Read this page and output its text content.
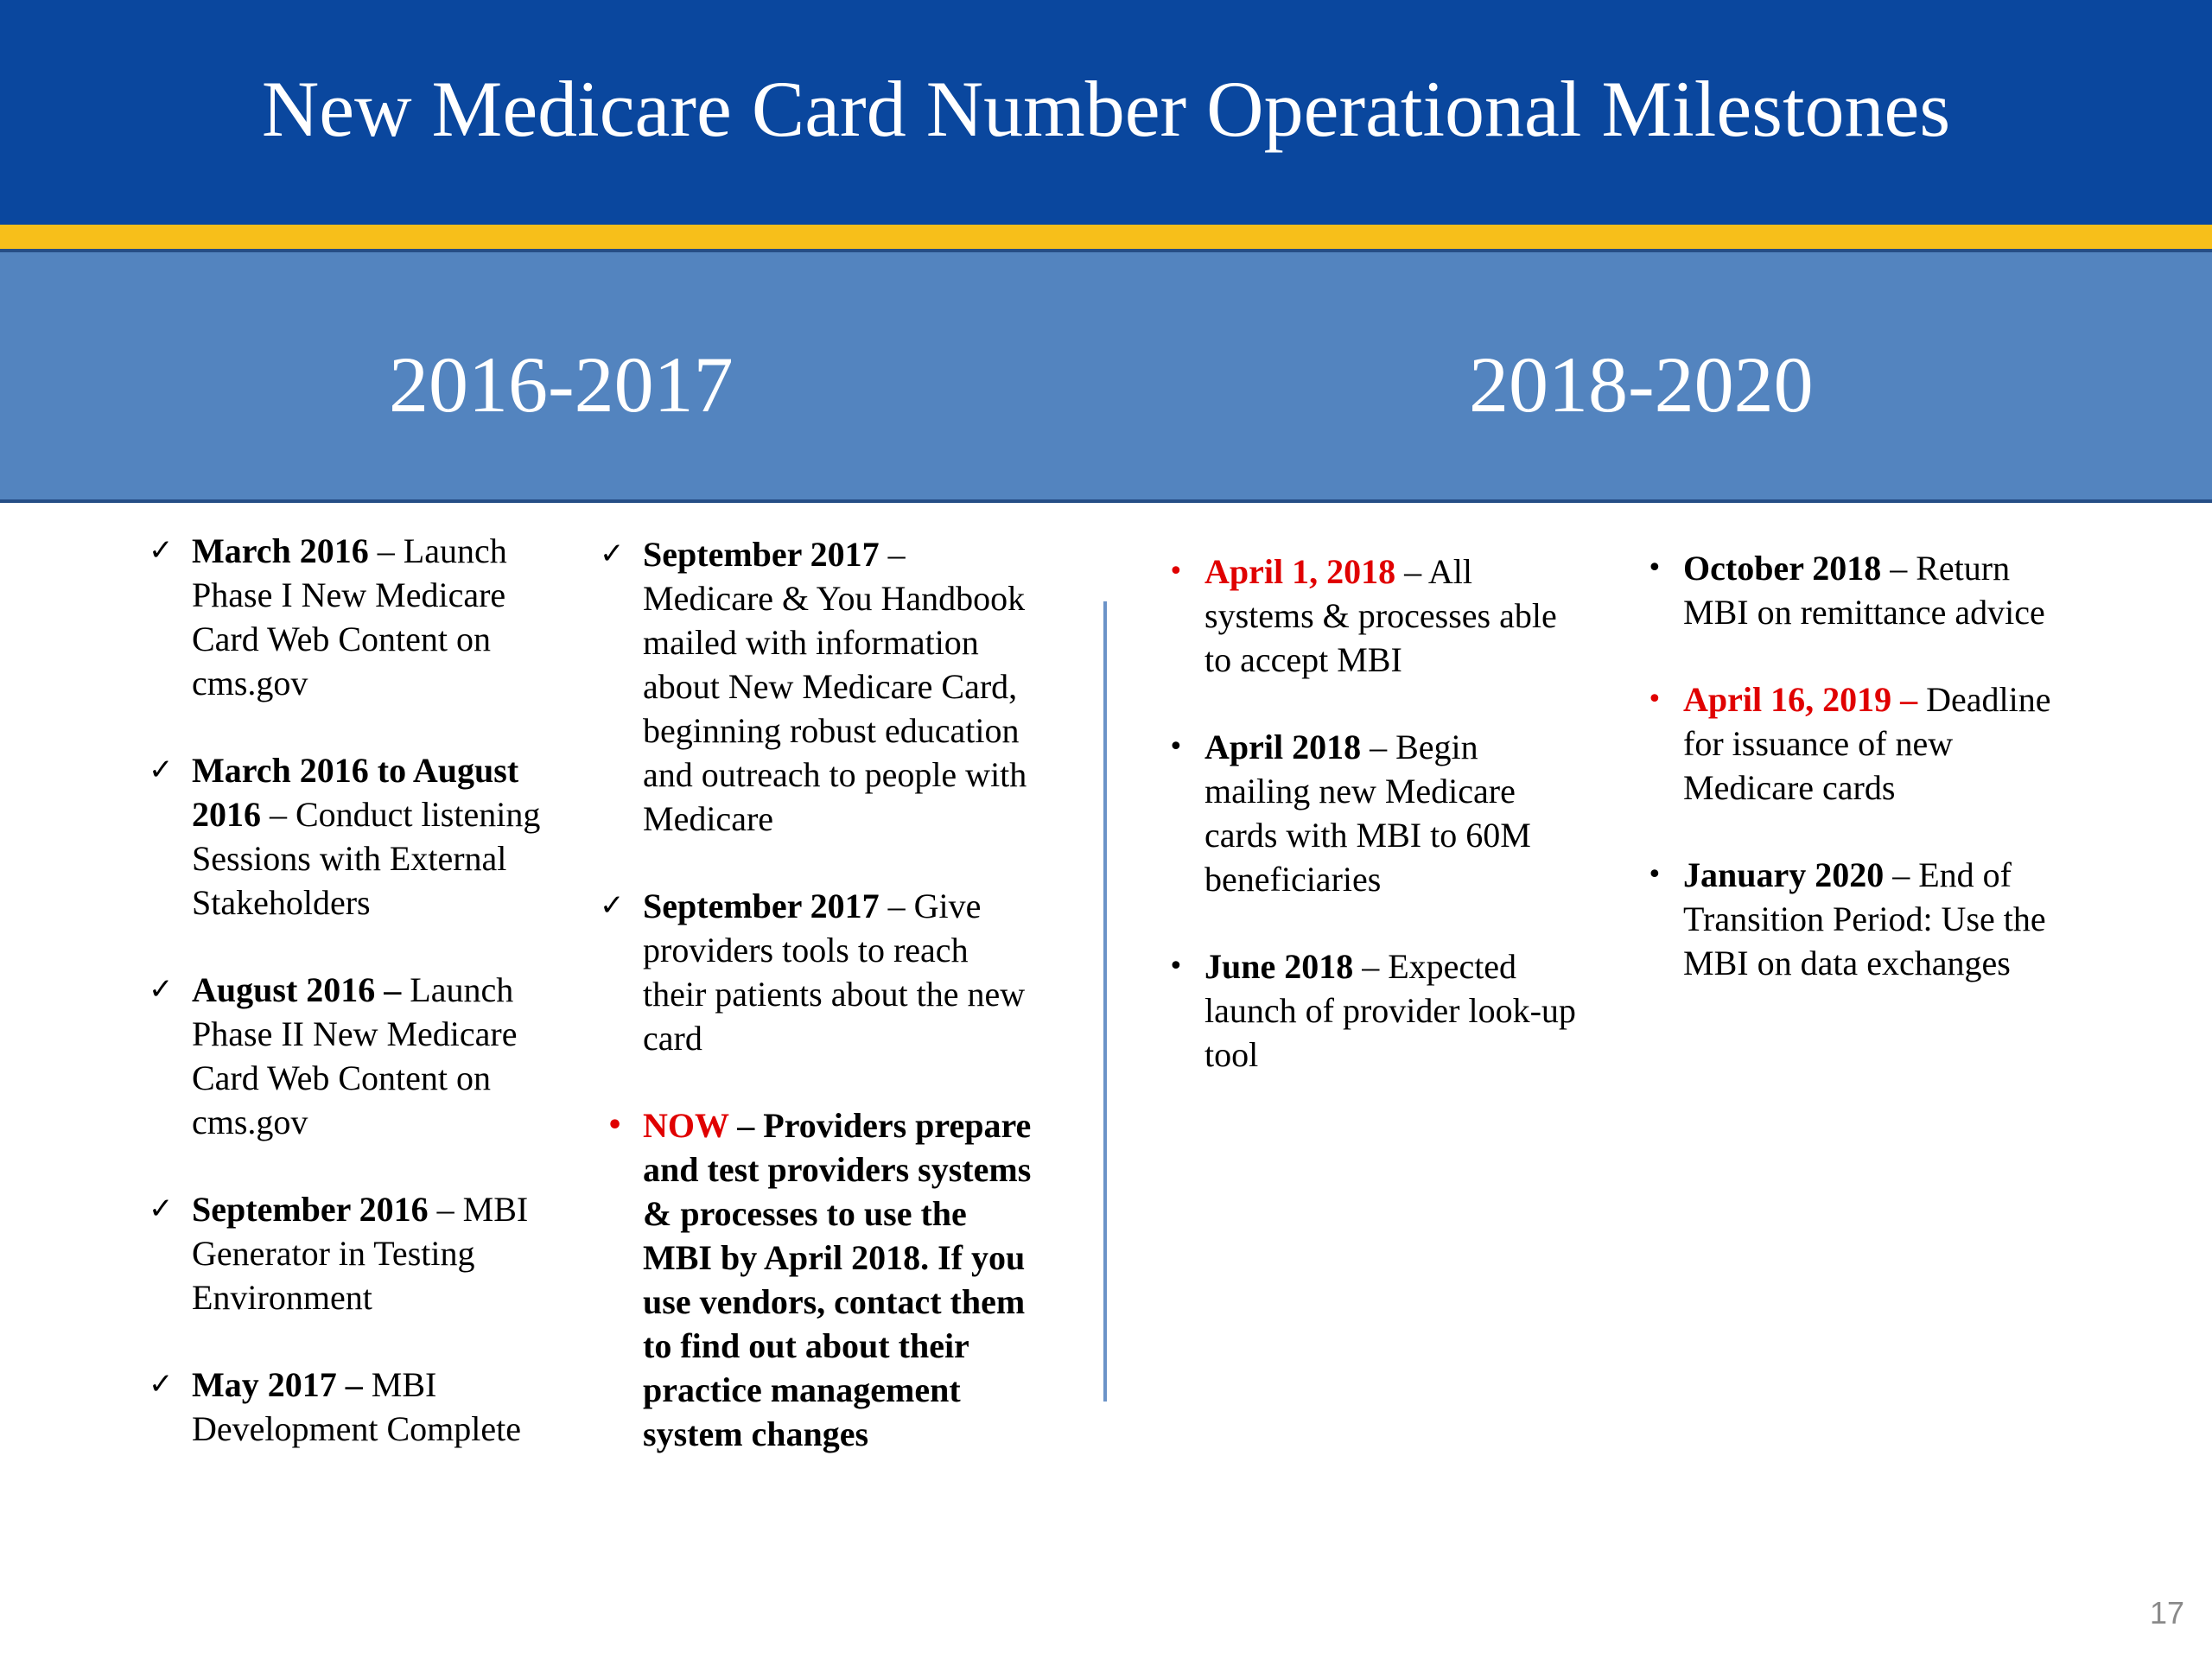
New Medicare Card Number Operational Milestones
2016-2017	2018-2020
✓ March 2016 – Launch Phase I New Medicare Card Web Content on cms.gov
✓ March 2016 to August 2016 – Conduct listening Sessions with External Stakeholders
✓ August 2016 – Launch Phase II New Medicare Card Web Content on cms.gov
✓ September 2016 – MBI Generator in Testing Environment
✓ May 2017 – MBI Development Complete
✓ September 2017 – Medicare & You Handbook mailed with information about New Medicare Card, beginning robust education and outreach to people with Medicare
✓ September 2017 – Give providers tools to reach their patients about the new card
• NOW – Providers prepare and test providers systems & processes to use the MBI by April 2018. If you use vendors, contact them to find out about their practice management system changes
• April 1, 2018 – All systems & processes able to accept MBI
• April 2018 – Begin mailing new Medicare cards with MBI to 60M beneficiaries
• June 2018 – Expected launch of provider look-up tool
• October 2018 – Return MBI on remittance advice
• April 16, 2019 – Deadline for issuance of new Medicare cards
• January 2020 – End of Transition Period: Use the MBI on data exchanges
17
